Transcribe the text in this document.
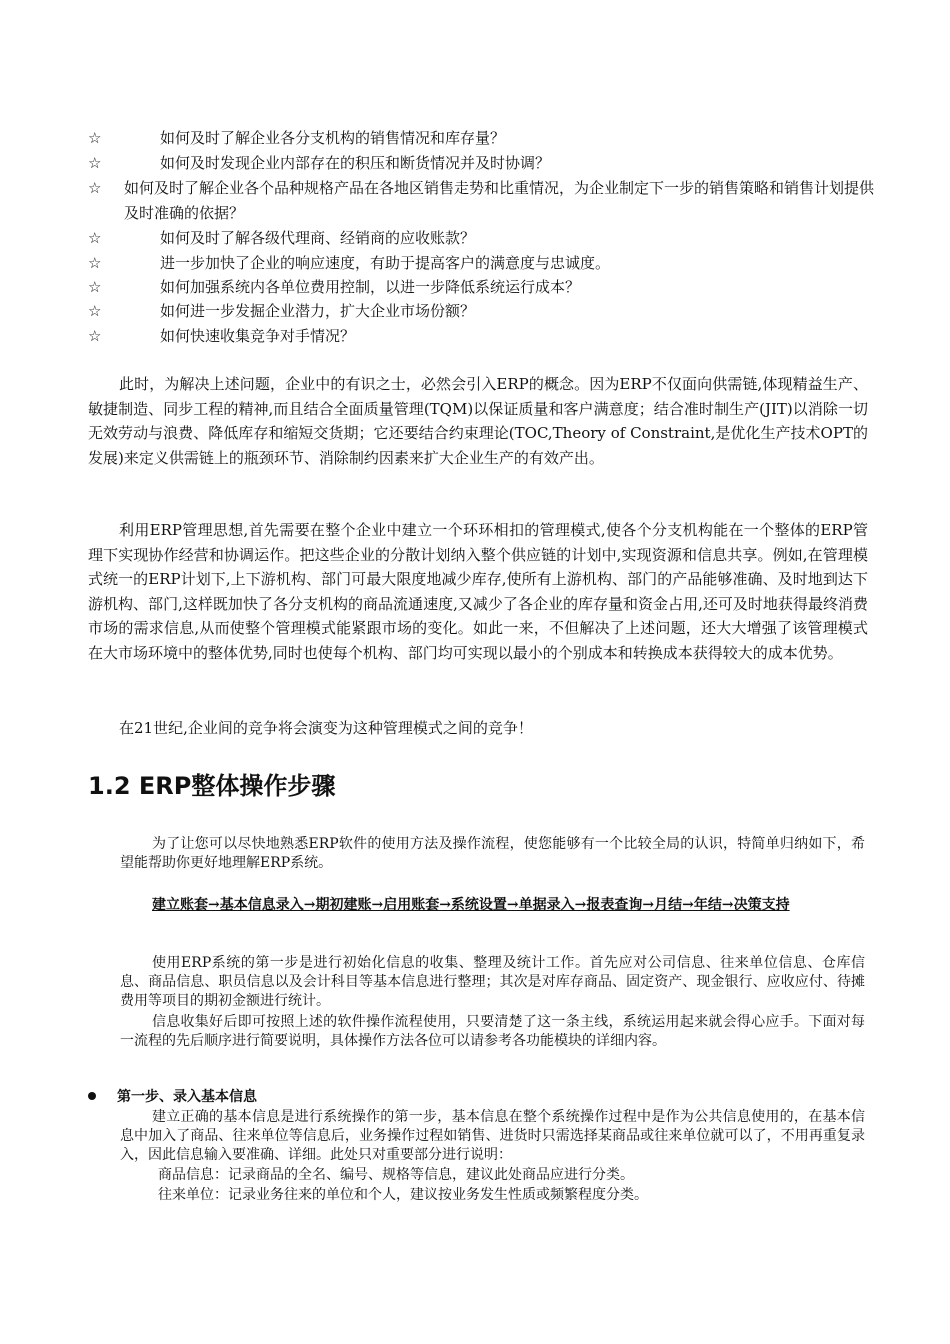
☆	如何及时了解企业各分支机构的销售情况和库存量？
☆	如何及时发现企业内部存在的积压和断货情况并及时协调？
☆	如何及时了解企业各个品种规格产品在各地区销售走势和比重情况，为企业制定下一步的销售策略和销售计划提供及时准确的依据？
☆	如何及时了解各级代理商、经销商的应收账款？
☆	进一步加快了企业的响应速度，有助于提高客户的满意度与忠诚度。
☆	如何加强系统内各单位费用控制，以进一步降低系统运行成本？
☆	如何进一步发掘企业潜力，扩大企业市场份额？
☆	如何快速收集竞争对手情况？

此时，为解决上述问题，企业中的有识之士，必然会引入ERP的概念。因为ERP不仅面向供需链,体现精益生产、敏捷制造、同步工程的精神,而且结合全面质量管理(TQM)以保证质量和客户满意度；结合准时制生产(JIT)以消除一切无效劳动与浪费、降低库存和缩短交货期；它还要结合约束理论(TOC,Theory of Constraint,是优化生产技术OPT的发展)来定义供需链上的瓶颈环节、消除制约因素来扩大企业生产的有效产出。

利用ERP管理思想,首先需要在整个企业中建立一个环环相扣的管理模式,使各个分支机构能在一个整体的ERP管理下实现协作经营和协调运作。把这些企业的分散计划纳入整个供应链的计划中,实现资源和信息共享。例如,在管理模式统一的ERP计划下,上下游机构、部门可最大限度地减少库存,使所有上游机构、部门的产品能够准确、及时地到达下游机构、部门,这样既加快了各分支机构的商品流通速度,又减少了各企业的库存量和资金占用,还可及时地获得最终消费市场的需求信息,从而使整个管理模式能紧跟市场的变化。如此一来，不但解决了上述问题，还大大增强了该管理模式在大市场环境中的整体优势,同时也使每个机构、部门均可实现以最小的个别成本和转换成本获得较大的成本优势。

在21世纪,企业间的竞争将会演变为这种管理模式之间的竞争！

1.2 ERP整体操作步骤

为了让您可以尽快地熟悉ERP软件的使用方法及操作流程，使您能够有一个比较全局的认识，特简单归纳如下，希望能帮助你更好地理解ERP系统。

建立账套→基本信息录入→期初建账→启用账套→系统设置→单据录入→报表查询→月结→年结→决策支持

使用ERP系统的第一步是进行初始化信息的收集、整理及统计工作。首先应对公司信息、往来单位信息、仓库信息、商品信息、职员信息以及会计科目等基本信息进行整理；其次是对库存商品、固定资产、现金银行、应收应付、待摊费用等项目的期初金额进行统计。

信息收集好后即可按照上述的软件操作流程使用，只要清楚了这一条主线，系统运用起来就会得心应手。下面对每一流程的先后顺序进行简要说明，具体操作方法各位可以请参考各功能模块的详细内容。

第一步、录入基本信息

建立正确的基本信息是进行系统操作的第一步，基本信息在整个系统操作过程中是作为公共信息使用的，在基本信息中加入了商品、往来单位等信息后，业务操作过程如销售、进货时只需选择某商品或往来单位就可以了，不用再重复录入，因此信息输入要准确、详细。此处只对重要部分进行说明：

商品信息：记录商品的全名、编号、规格等信息，建议此处商品应进行分类。
往来单位：记录业务往来的单位和个人，建议按业务发生性质或频繁程度分类。
